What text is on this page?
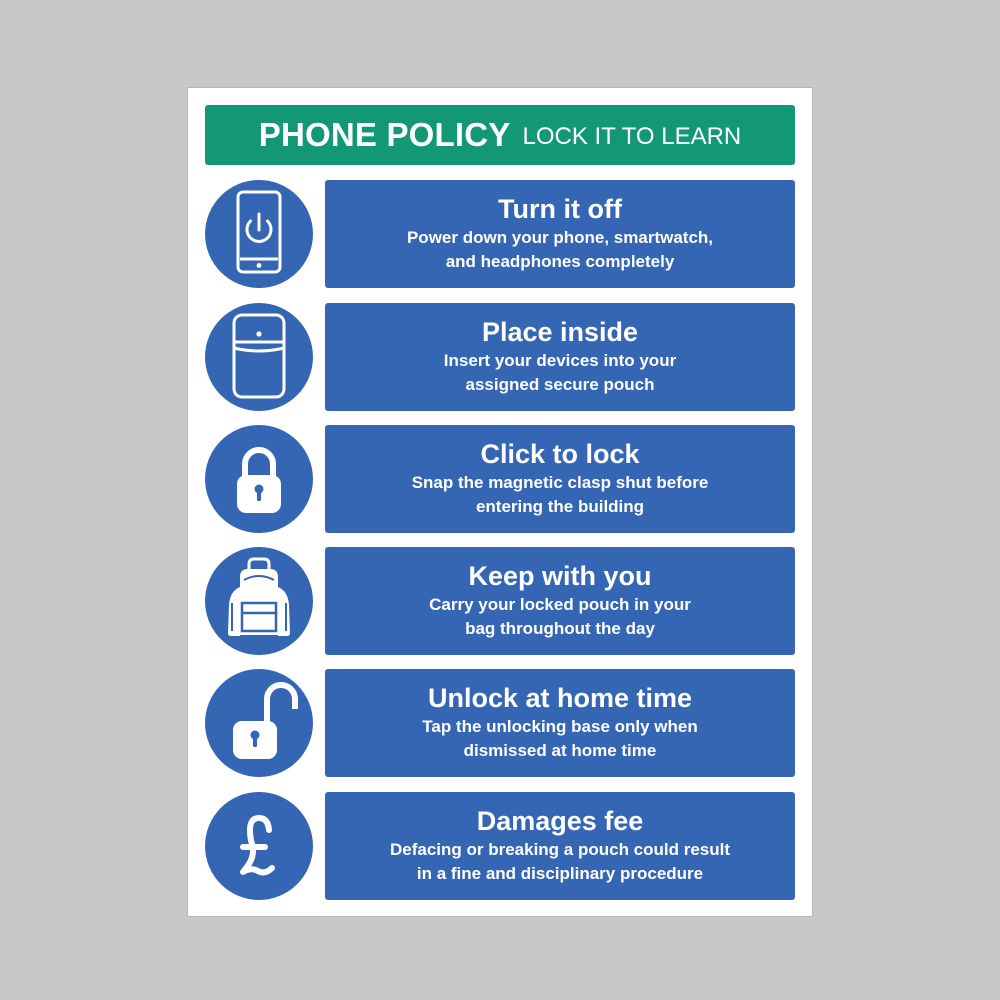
PHONE POLICY LOCK IT TO LEARN
Turn it off
Power down your phone, smartwatch,
and headphones completely
Place inside
Insert your devices into your
assigned secure pouch
Click to lock
Snap the magnetic clasp shut before
entering the building
Keep with you
Carry your locked pouch in your
bag throughout the day
Unlock at home time
Tap the unlocking base only when
dismissed at home time
Damages fee
Defacing or breaking a pouch could result
in a fine and disciplinary procedure
